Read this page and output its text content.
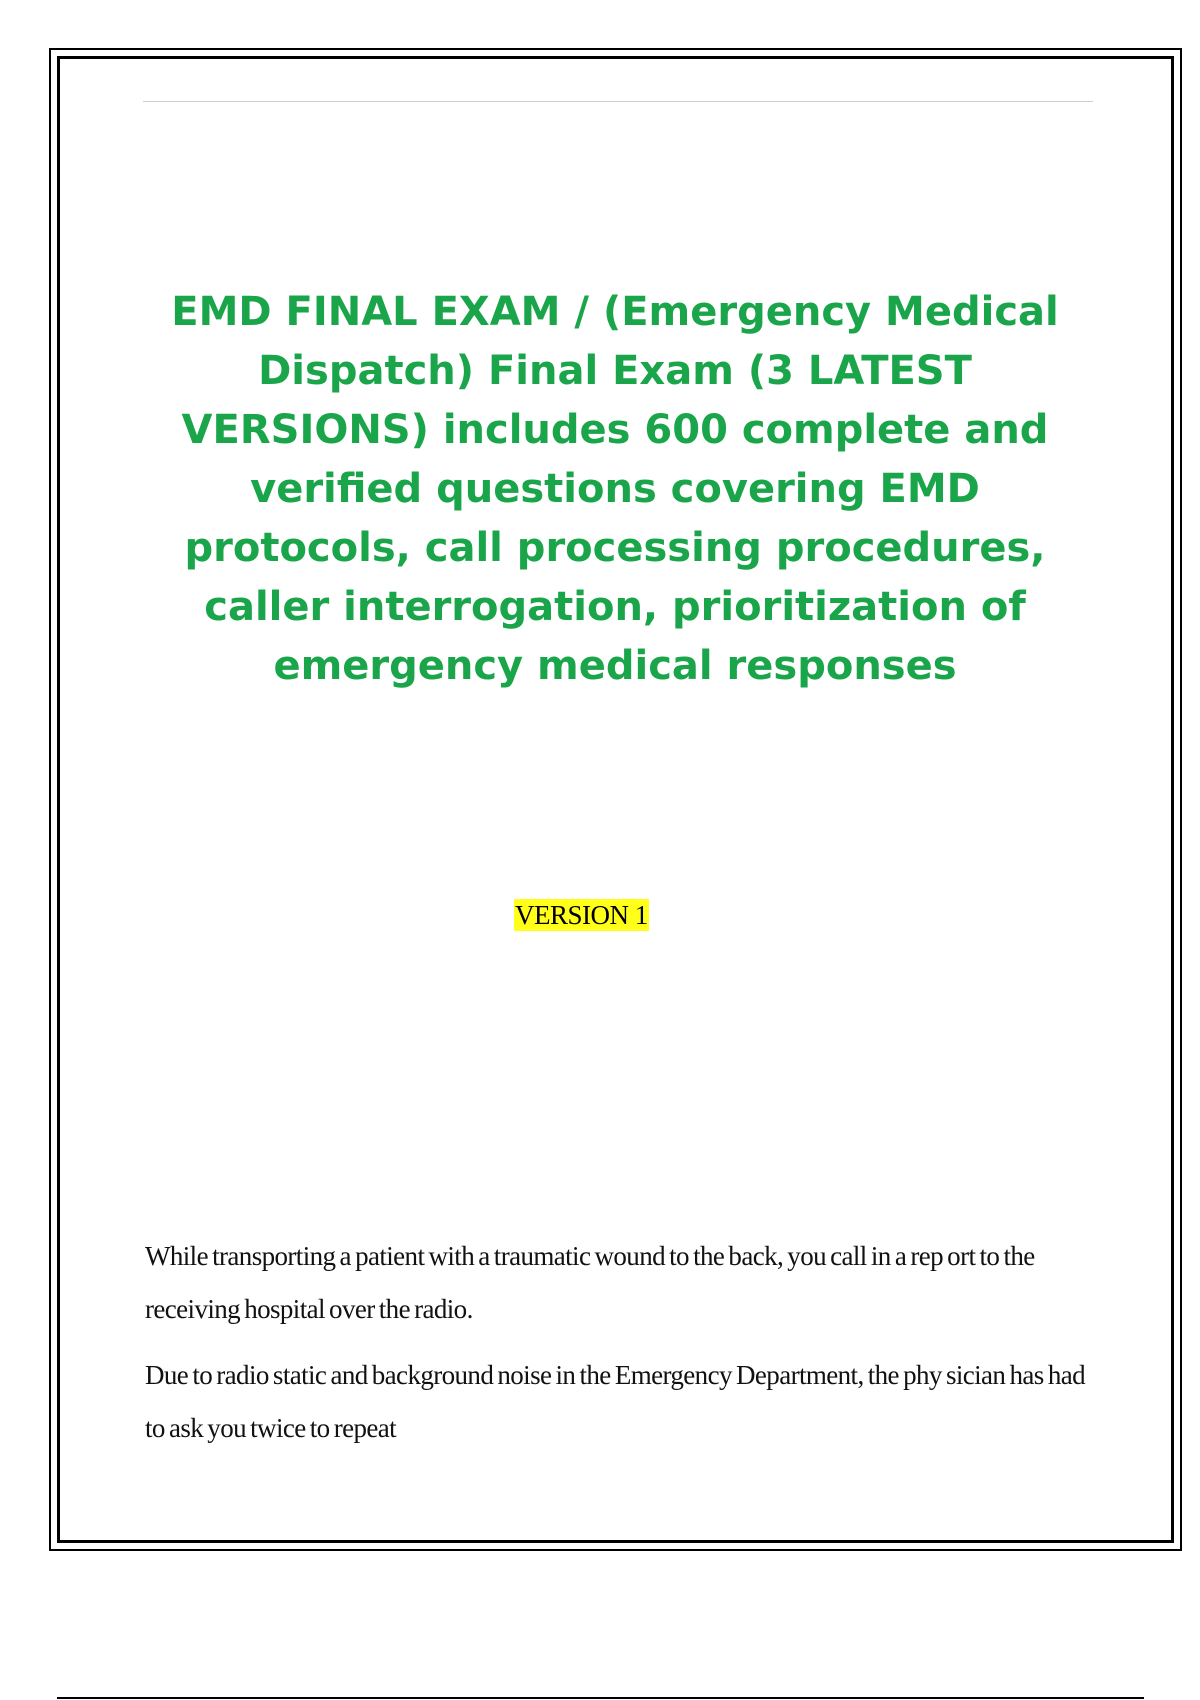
EMD FINAL EXAM / (Emergency Medical Dispatch) Final Exam (3 LATEST VERSIONS) includes 600 complete and verified questions covering EMD protocols, call processing procedures, caller interrogation, prioritization of emergency medical responses
VERSION 1

While transporting a patient with a traumatic wound to the back, you call in a rep ort to the receiving hospital over the radio.

Due to radio static and background noise in the Emergency Department, the phy sician has had to ask you twice to repeat
